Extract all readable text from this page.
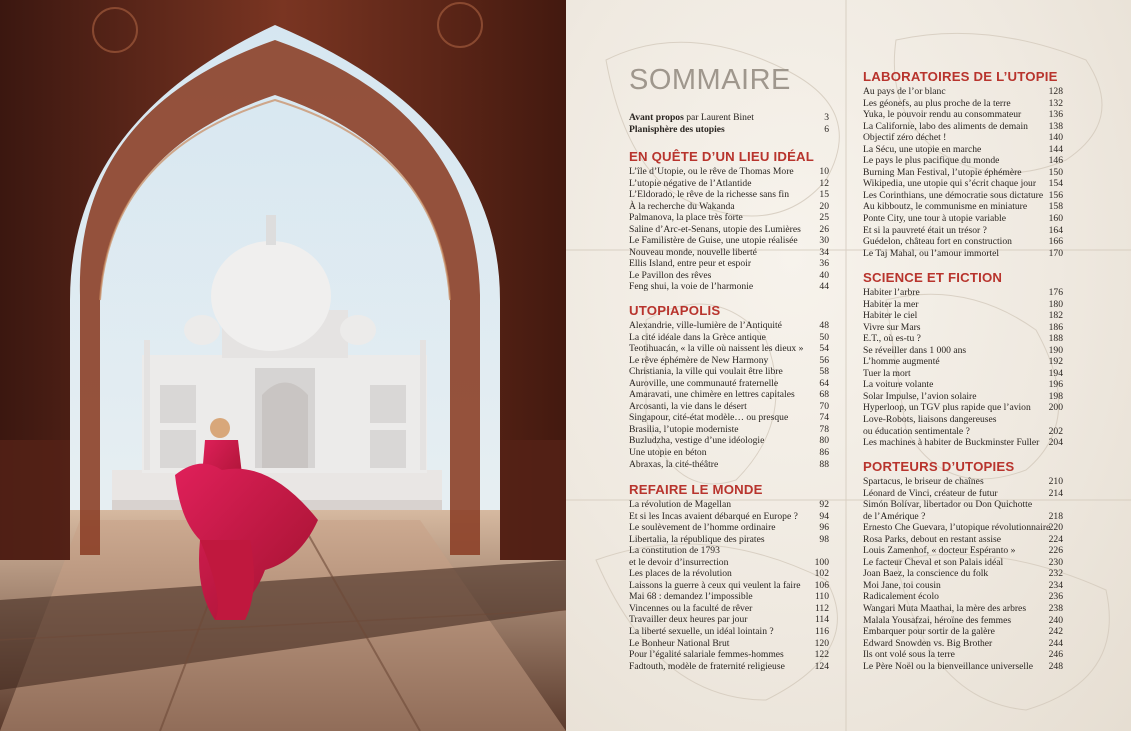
SOMMAIRE
Avant propos par Laurent Binet	3
Planisphère des utopies	6
EN QUÊTE D’UN LIEU IDÉAL
L’île d’Utopie, ou le rêve de Thomas More	10
L’utopie négative de l’Atlantide	12
L’Eldorado, le rêve de la richesse sans fin	15
À la recherche du Wakanda	20
Palmanova, la place très forte	25
Saline d’Arc-et-Senans, utopie des Lumières	26
Le Familistère de Guise, une utopie réalisée	30
Nouveau monde, nouvelle liberté	34
Ellis Island, entre peur et espoir	36
Le Pavillon des rêves	40
Feng shui, la voie de l’harmonie	44
UTOPIAPOLIS
Alexandrie, ville-lumière de l’Antiquité	48
La cité idéale dans la Grèce antique	50
Teotihuacán, « la ville où naissent les dieux »	54
Le rêve éphémère de New Harmony	56
Christiania, la ville qui voulait être libre	58
Auroville, une communauté fraternelle	64
Amaravati, une chimère en lettres capitales	68
Arcosanti, la vie dans le désert	70
Singapour, cité-état modèle… ou presque	74
Brasilia, l’utopie moderniste	78
Buzludzha, vestige d’une idéologie	80
Une utopie en béton	86
Abraxas, la cité-théâtre	88
REFAIRE LE MONDE
La révolution de Magellan	92
Et si les Incas avaient débarqué en Europe ?	94
Le soulèvement de l’homme ordinaire	96
Libertalia, la république des pirates	98
La constitution de 1793
et le devoir d’insurrection	100
Les places de la révolution	102
Laissons la guerre à ceux qui veulent la faire	106
Mai 68 : demandez l’impossible	110
Vincennes ou la faculté de rêver	112
Travailler deux heures par jour	114
La liberté sexuelle, un idéal lointain ?	116
Le Bonheur National Brut	120
Pour l’égalité salariale femmes-hommes	122
Fadtouth, modèle de fraternité religieuse	124
LABORATOIRES DE L’UTOPIE
Au pays de l’or blanc	128
Les géonefs, au plus proche de la terre	132
Yuka, le pouvoir rendu au consommateur	136
La Californie, labo des aliments de demain	138
Objectif zéro déchet !	140
La Sécu, une utopie en marche	144
Le pays le plus pacifique du monde	146
Burning Man Festival, l’utopie éphémère	150
Wikipedia, une utopie qui s’écrit chaque jour	154
Les Corinthians, une démocratie sous dictature 156
Au kibboutz, le communisme en miniature	158
Ponte City, une tour à utopie variable	160
Et si la pauvreté était un trésor ?	164
Guédelon, château fort en construction	166
Le Taj Mahal, ou l’amour immortel	170
SCIENCE ET FICTION
Habiter l’arbre	176
Habiter la mer	180
Habiter le ciel	182
Vivre sur Mars	186
E.T., où es-tu ?	188
Se réveiller dans 1 000 ans	190
L’homme augmenté	192
Tuer la mort	194
La voiture volante	196
Solar Impulse, l’avion solaire	198
Hyperloop, un TGV plus rapide que l’avion	200
Love-Robots, liaisons dangereuses
ou éducation sentimentale ?	202
Les machines à habiter de Buckminster Fuller 204
PORTEURS D’UTOPIES
Spartacus, le briseur de chaînes	210
Léonard de Vinci, créateur de futur	214
Simón Bolívar, libertador ou Don Quichotte
de l’Amérique ?	218
Ernesto Che Guevara, l’utopique révolutionnaire
220
Rosa Parks, debout en restant assise	224
Louis Zamenhof, « docteur Espéranto »	226
Le facteur Cheval et son Palais idéal	230
Joan Baez, la conscience du folk	232
Moi Jane, toi cousin	234
Radicalement écolo	236
Wangari Muta Maathai, la mère des arbres	238
Malala Yousafzai, héroïne des femmes	240
Embarquer pour sortir de la galère	242
Edward Snowden vs. Big Brother	244
Ils ont volé sous la terre	246
Le Père Noël ou la bienveillance universelle	248
